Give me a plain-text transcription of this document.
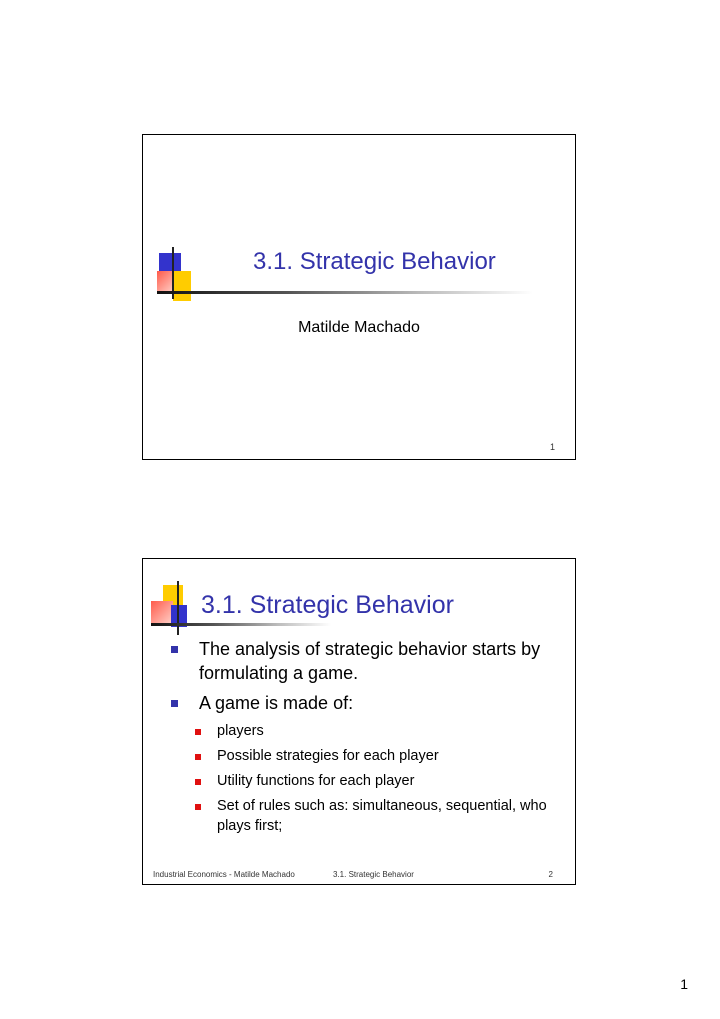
3.1. Strategic Behavior
Matilde Machado
1
3.1. Strategic Behavior
The analysis of strategic behavior starts by formulating a game.
A game is made of:
players
Possible strategies for each player
Utility functions for each player
Set of rules such as: simultaneous, sequential, who plays first;
Industrial Economics - Matilde Machado	3.1. Strategic Behavior	2
1
